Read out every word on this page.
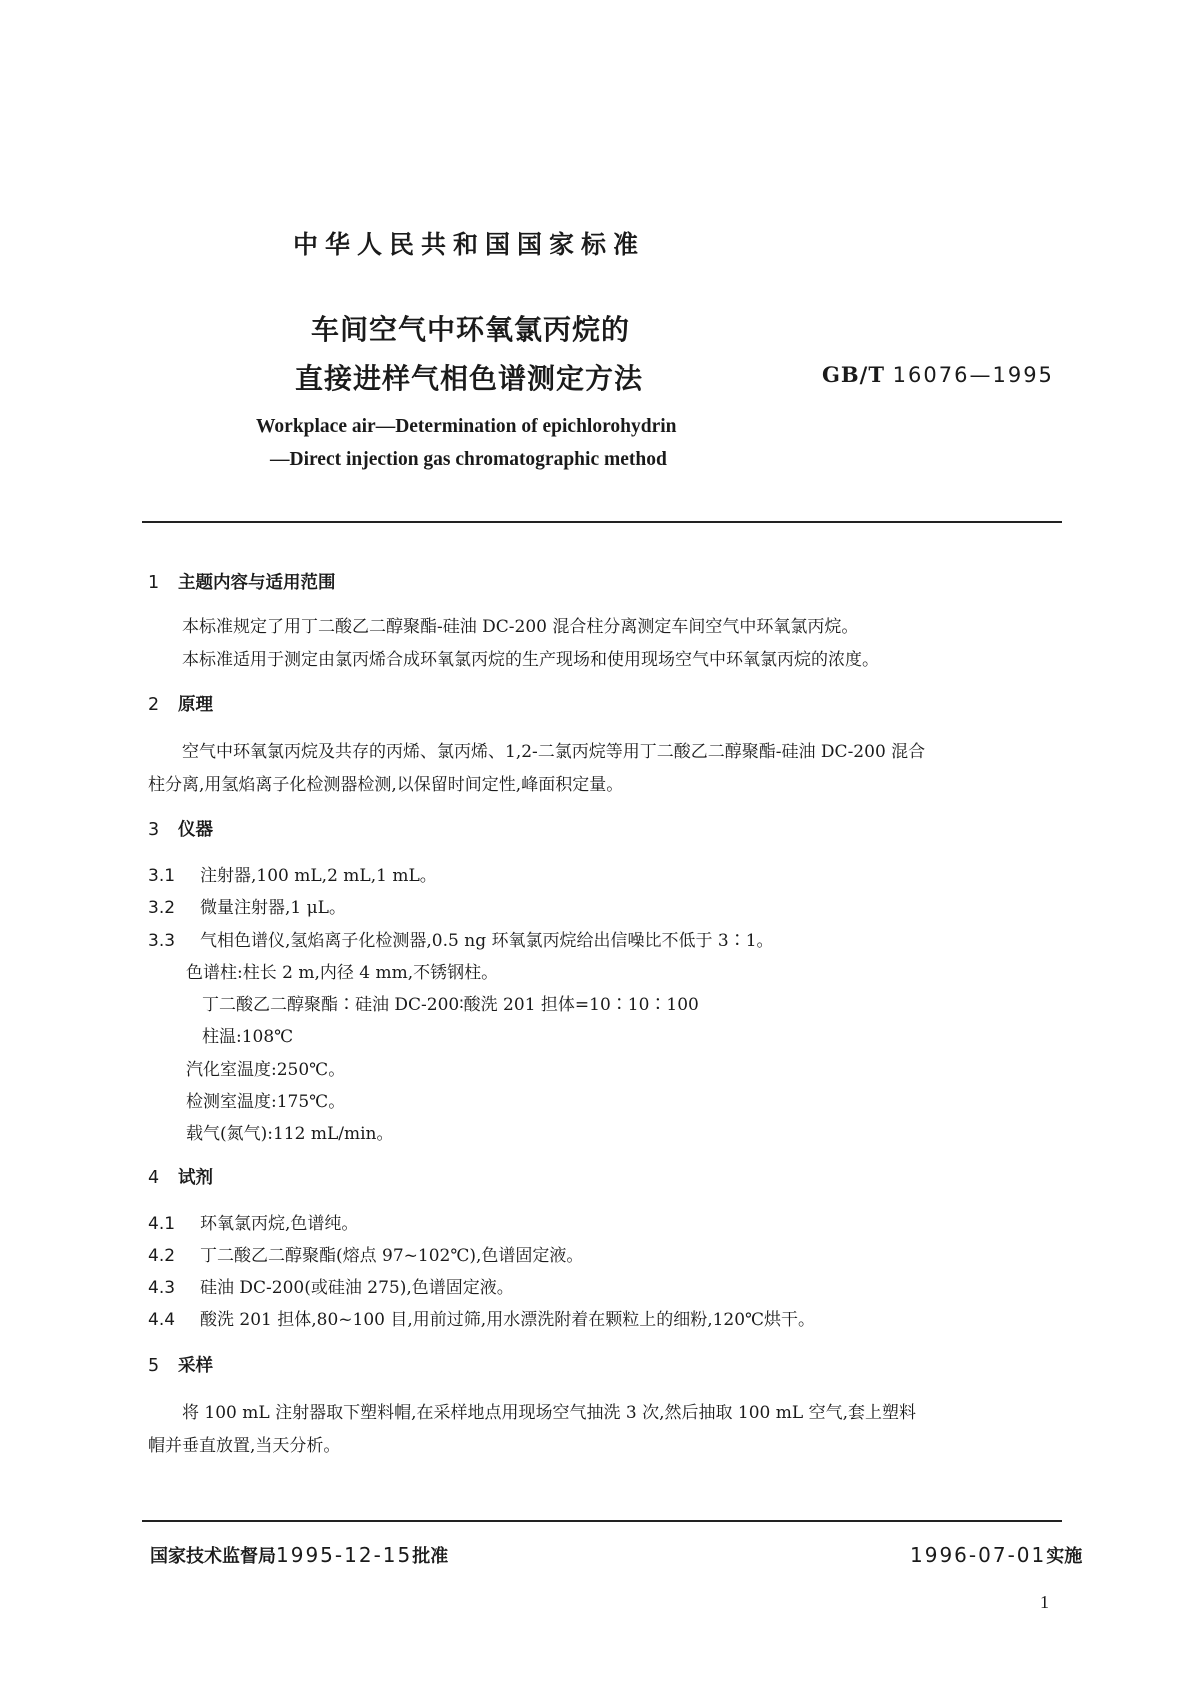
中华人民共和国国家标准
车间空气中环氧氯丙烷的
直接进样气相色谱测定方法	GB/T 16076—1995
Workplace air—Determination of epichlorohydrin
—Direct injection gas chromatographic method
1 主题内容与适用范围
本标准规定了用丁二酸乙二醇聚酯-硅油 DC-200 混合柱分离测定车间空气中环氧氯丙烷。
本标准适用于测定由氯丙烯合成环氧氯丙烷的生产现场和使用现场空气中环氧氯丙烷的浓度。
2 原理
空气中环氧氯丙烷及共存的丙烯、氯丙烯、1,2-二氯丙烷等用丁二酸乙二醇聚酯-硅油 DC-200 混合
柱分离,用氢焰离子化检测器检测,以保留时间定性,峰面积定量。
3 仪器
3.1 注射器,100 mL,2 mL,1 mL。
3.2 微量注射器,1 μL。
3.3 气相色谱仪,氢焰离子化检测器,0.5 ng 环氧氯丙烷给出信噪比不低于 3∶1。
色谱柱:柱长 2 m,内径 4 mm,不锈钢柱。
丁二酸乙二醇聚酯∶硅油 DC-200∶酸洗 201 担体=10∶10∶100
柱温:108℃
汽化室温度:250℃。
检测室温度:175℃。
载气(氮气):112 mL/min。
4 试剂
4.1 环氧氯丙烷,色谱纯。
4.2 丁二酸乙二醇聚酯(熔点 97~102℃),色谱固定液。
4.3 硅油 DC-200(或硅油 275),色谱固定液。
4.4 酸洗 201 担体,80~100 目,用前过筛,用水漂洗附着在颗粒上的细粉,120℃烘干。
5 采样
将 100 mL 注射器取下塑料帽,在采样地点用现场空气抽洗 3 次,然后抽取 100 mL 空气,套上塑料
帽并垂直放置,当天分析。
国家技术监督局1995-12-15批准	1996-07-01实施
1
